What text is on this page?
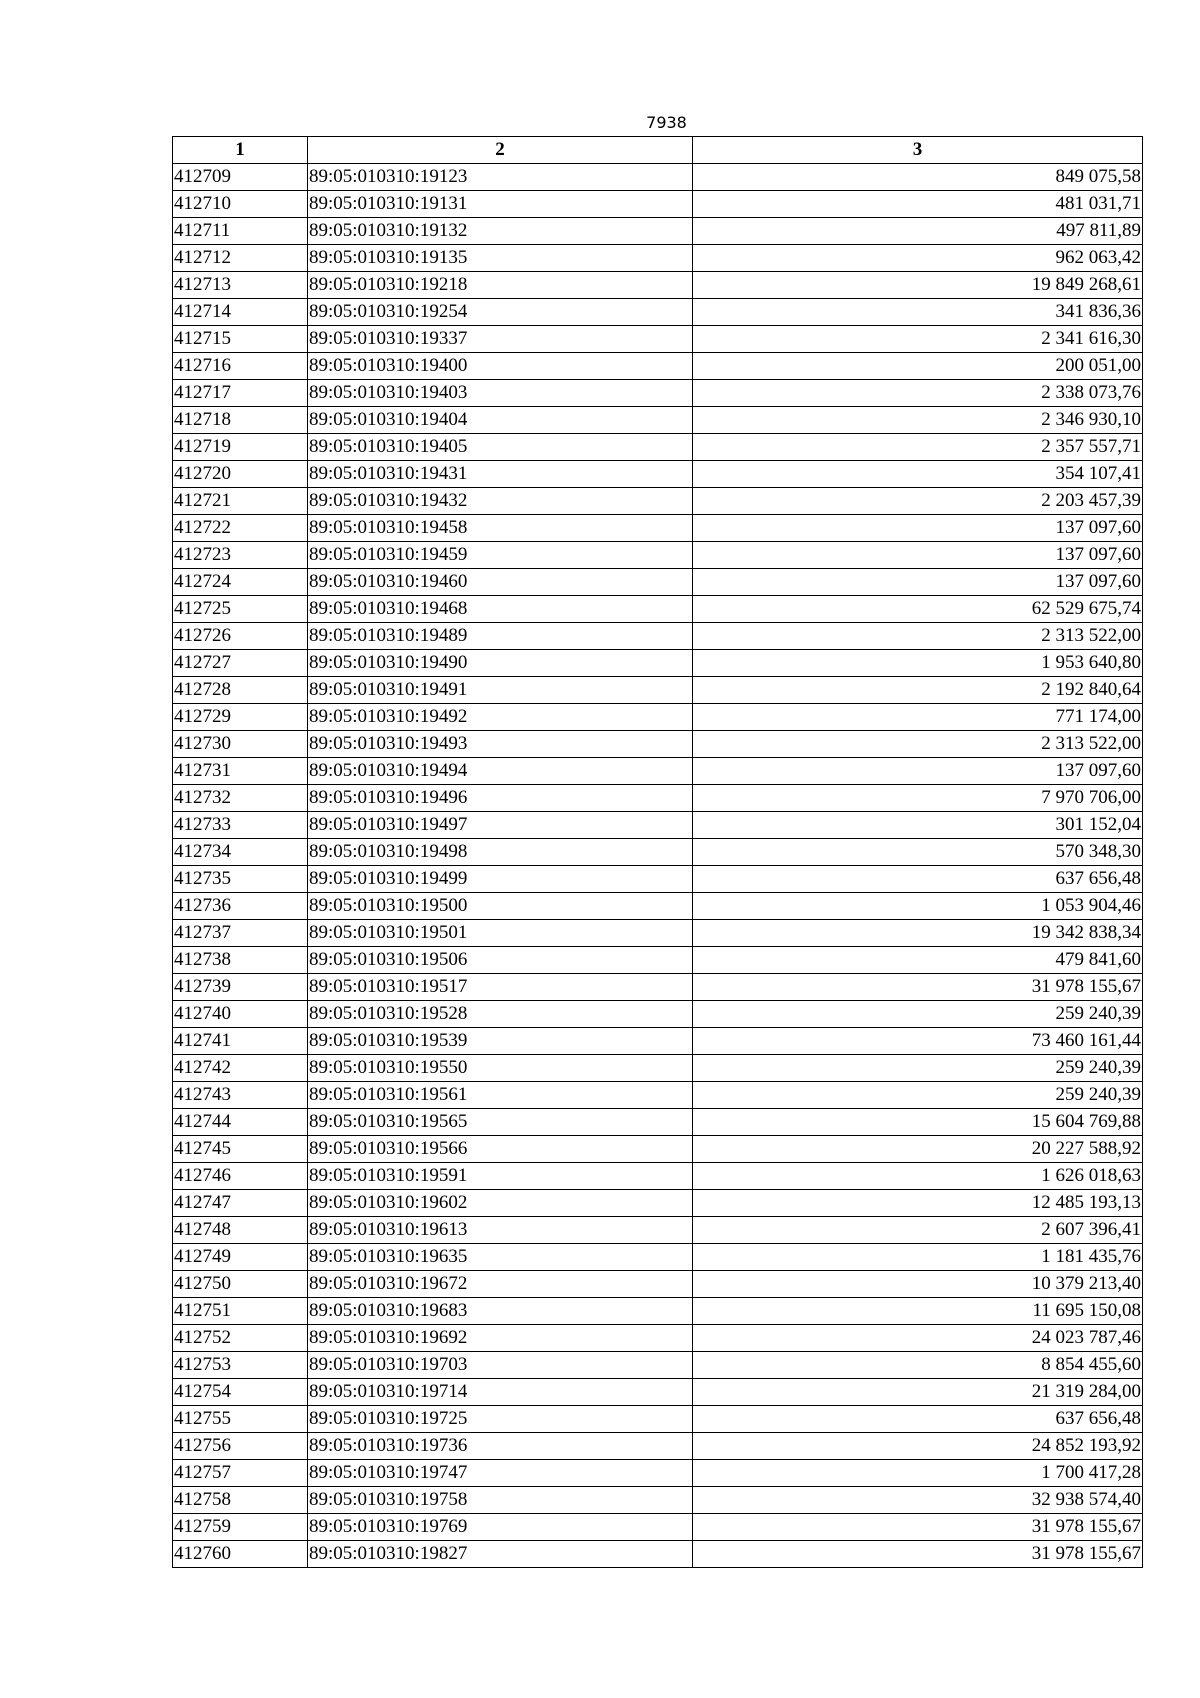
7938
1	2	3
412709	89:05:010310:19123	849 075,58
412710	89:05:010310:19131	481 031,71
412711	89:05:010310:19132	497 811,89
412712	89:05:010310:19135	962 063,42
412713	89:05:010310:19218	19 849 268,61
412714	89:05:010310:19254	341 836,36
412715	89:05:010310:19337	2 341 616,30
412716	89:05:010310:19400	200 051,00
412717	89:05:010310:19403	2 338 073,76
412718	89:05:010310:19404	2 346 930,10
412719	89:05:010310:19405	2 357 557,71
412720	89:05:010310:19431	354 107,41
412721	89:05:010310:19432	2 203 457,39
412722	89:05:010310:19458	137 097,60
412723	89:05:010310:19459	137 097,60
412724	89:05:010310:19460	137 097,60
412725	89:05:010310:19468	62 529 675,74
412726	89:05:010310:19489	2 313 522,00
412727	89:05:010310:19490	1 953 640,80
412728	89:05:010310:19491	2 192 840,64
412729	89:05:010310:19492	771 174,00
412730	89:05:010310:19493	2 313 522,00
412731	89:05:010310:19494	137 097,60
412732	89:05:010310:19496	7 970 706,00
412733	89:05:010310:19497	301 152,04
412734	89:05:010310:19498	570 348,30
412735	89:05:010310:19499	637 656,48
412736	89:05:010310:19500	1 053 904,46
412737	89:05:010310:19501	19 342 838,34
412738	89:05:010310:19506	479 841,60
412739	89:05:010310:19517	31 978 155,67
412740	89:05:010310:19528	259 240,39
412741	89:05:010310:19539	73 460 161,44
412742	89:05:010310:19550	259 240,39
412743	89:05:010310:19561	259 240,39
412744	89:05:010310:19565	15 604 769,88
412745	89:05:010310:19566	20 227 588,92
412746	89:05:010310:19591	1 626 018,63
412747	89:05:010310:19602	12 485 193,13
412748	89:05:010310:19613	2 607 396,41
412749	89:05:010310:19635	1 181 435,76
412750	89:05:010310:19672	10 379 213,40
412751	89:05:010310:19683	11 695 150,08
412752	89:05:010310:19692	24 023 787,46
412753	89:05:010310:19703	8 854 455,60
412754	89:05:010310:19714	21 319 284,00
412755	89:05:010310:19725	637 656,48
412756	89:05:010310:19736	24 852 193,92
412757	89:05:010310:19747	1 700 417,28
412758	89:05:010310:19758	32 938 574,40
412759	89:05:010310:19769	31 978 155,67
412760	89:05:010310:19827	31 978 155,67
